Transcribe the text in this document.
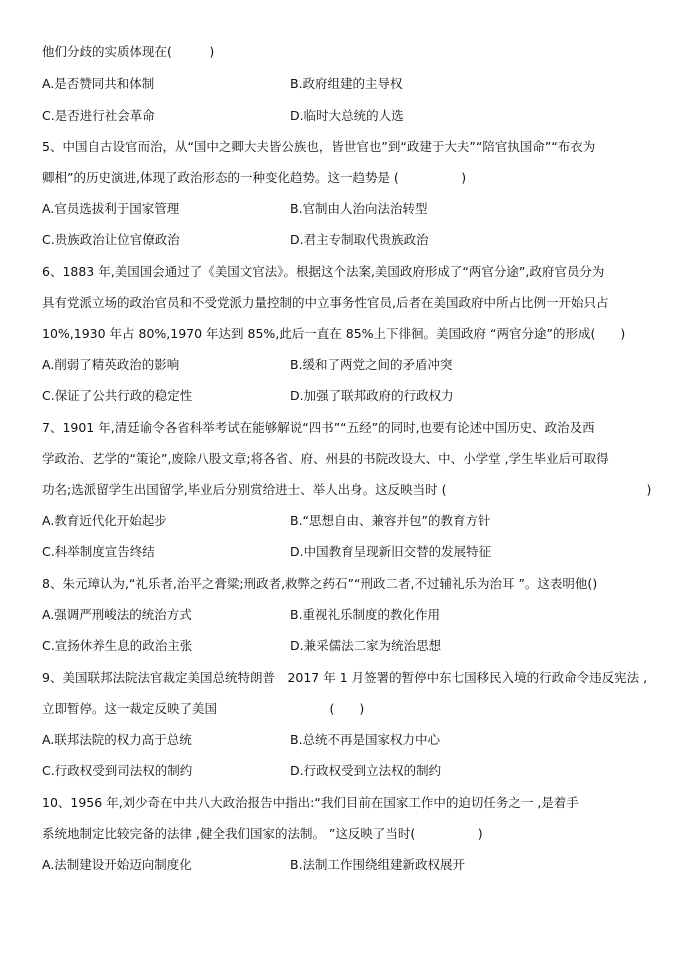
他们分歧的实质体现在(　　　)
A.是否赞同共和体制	B.政府组建的主导权
C.是否进行社会革命	D.临时大总统的人选
5、中国自古设官而治，从“国中之卿大夫皆公族也，皆世官也”到“政建于大夫”“陪官执国命”“布衣为
卿相”的历史演进,体现了政治形态的一种变化趋势。这一趋势是 (　　　　　)
A.官员选拔利于国家管理	B.官制由人治向法治转型
C.贵族政治让位官僚政治	D.君主专制取代贵族政治
6、1883 年,美国国会通过了《美国文官法》。根据这个法案,美国政府形成了“两官分途”,政府官员分为
具有党派立场的政治官员和不受党派力量控制的中立事务性官员,后者在美国政府中所占比例一开始只占
10%,1930 年占 80%,1970 年达到 85%,此后一直在 85%上下徘徊。美国政府 “两官分途”的形成(　　)
A.削弱了精英政治的影响	B.缓和了两党之间的矛盾冲突
C.保证了公共行政的稳定性	D.加强了联邦政府的行政权力
7、1901 年,清廷谕令各省科举考试在能够解说“四书”“五经”的同时,也要有论述中国历史、政治及西
学政治、艺学的“策论”,废除八股文章;将各省、府、州县的书院改设大、中、小学堂 ,学生毕业后可取得
功名;选派留学生出国留学,毕业后分别赏给进士、举人出身。这反映当时 (　　　　　　　　　　　　　　　　)
A.教育近代化开始起步	B.“思想自由、兼容并包”的教育方针
C.科举制度宣告终结	D.中国教育呈现新旧交替的发展特征
8、朱元璋认为,“礼乐者,治平之膏粱;刑政者,救弊之药石”“刑政二者,不过辅礼乐为治耳 ”。这表明他()
A.强调严刑峻法的统治方式	B.重视礼乐制度的教化作用
C.宣扬休养生息的政治主张	D.兼采儒法二家为统治思想
9、美国联邦法院法官裁定美国总统特朗普　2017 年 1 月签署的暂停中东七国移民入境的行政命令违反宪法 ,
立即暂停。这一裁定反映了美国　　　　　　　　　(　　)
A.联邦法院的权力高于总统	B.总统不再是国家权力中心
C.行政权受到司法权的制约	D.行政权受到立法权的制约
10、1956 年,刘少奇在中共八大政治报告中指出:“我们目前在国家工作中的迫切任务之一 ,是着手
系统地制定比较完备的法律 ,健全我们国家的法制。 ”这反映了当时(　　　　　)
A.法制建设开始迈向制度化	B.法制工作围绕组建新政权展开
